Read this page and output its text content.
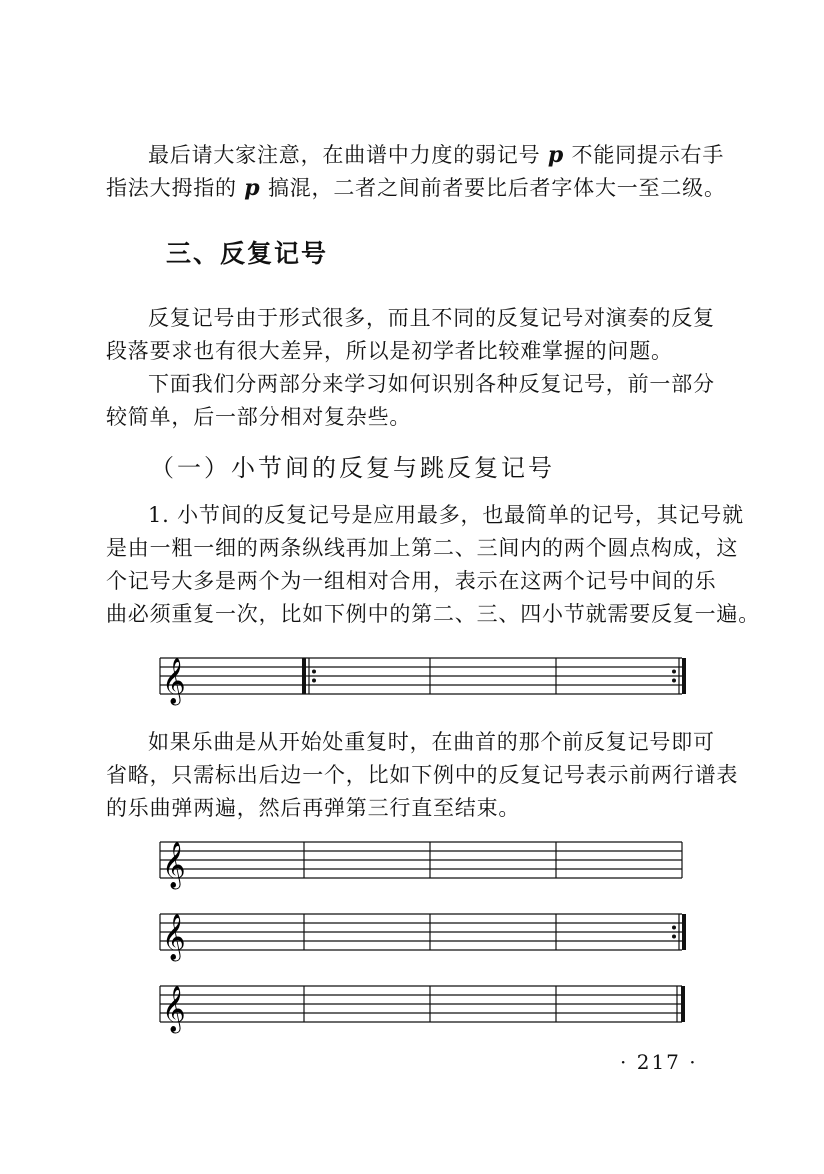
最后请大家注意，在曲谱中力度的弱记号 p 不能同提示右手
指法大拇指的 p 搞混，二者之间前者要比后者字体大一至二级。
三、反复记号
反复记号由于形式很多，而且不同的反复记号对演奏的反复
段落要求也有很大差异，所以是初学者比较难掌握的问题。
下面我们分两部分来学习如何识别各种反复记号，前一部分
较简单，后一部分相对复杂些。
（一）小节间的反复与跳反复记号
1. 小节间的反复记号是应用最多，也最简单的记号，其记号就
是由一粗一细的两条纵线再加上第二、三间内的两个圆点构成，这
个记号大多是两个为一组相对合用，表示在这两个记号中间的乐
曲必须重复一次，比如下例中的第二、三、四小节就需要反复一遍。
𝄞
如果乐曲是从开始处重复时，在曲首的那个前反复记号即可
省略，只需标出后边一个，比如下例中的反复记号表示前两行谱表
的乐曲弹两遍，然后再弹第三行直至结束。
𝄞
𝄞
𝄞
· 217 ·
